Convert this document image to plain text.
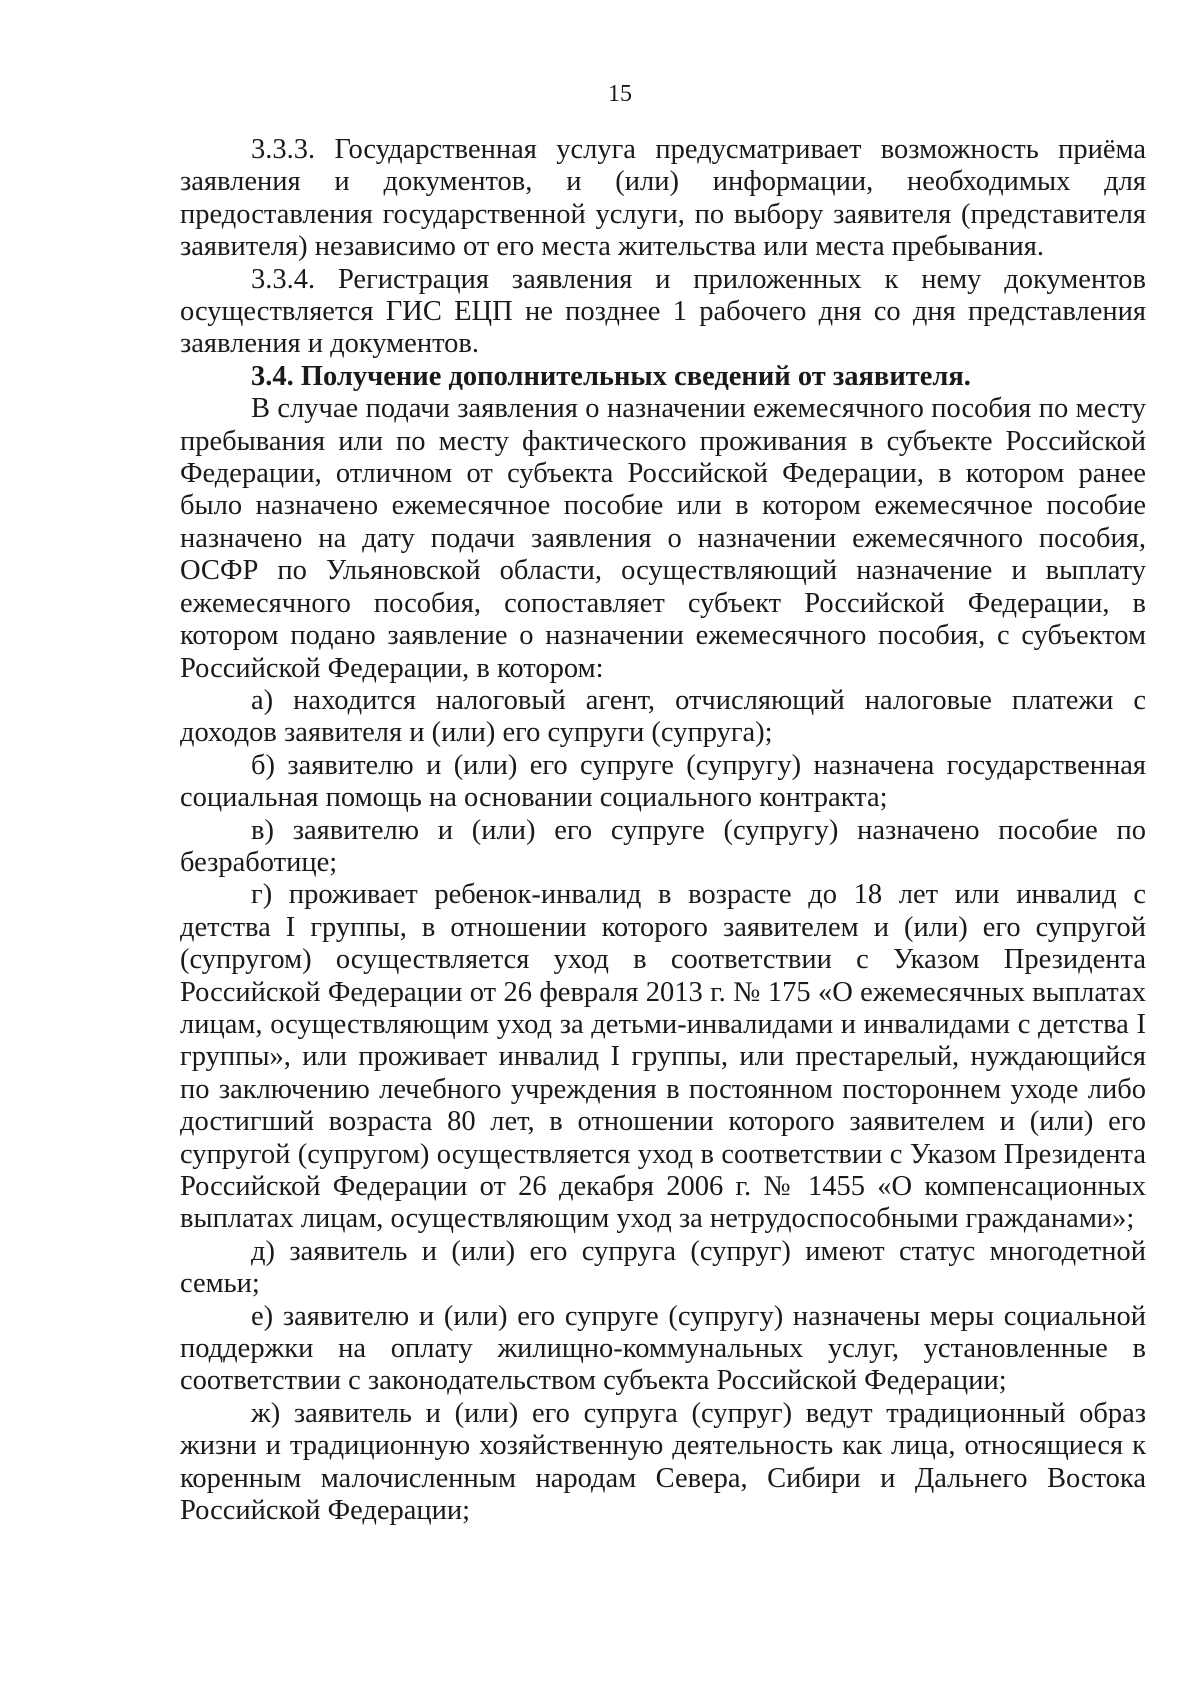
15

3.3.3. Государственная услуга предусматривает возможность приёма заявления и документов, и (или) информации, необходимых для предоставления государственной услуги, по выбору заявителя (представителя заявителя) независимо от его места жительства или места пребывания.

3.3.4. Регистрация заявления и приложенных к нему документов осуществляется ГИС ЕЦП не позднее 1 рабочего дня со дня представления заявления и документов.

3.4. Получение дополнительных сведений от заявителя.

В случае подачи заявления о назначении ежемесячного пособия по месту пребывания или по месту фактического проживания в субъекте Российской Федерации, отличном от субъекта Российской Федерации, в котором ранее было назначено ежемесячное пособие или в котором ежемесячное пособие назначено на дату подачи заявления о назначении ежемесячного пособия, ОСФР по Ульяновской области, осуществляющий назначение и выплату ежемесячного пособия, сопоставляет субъект Российской Федерации, в котором подано заявление о назначении ежемесячного пособия, с субъектом Российской Федерации, в котором:

а) находится налоговый агент, отчисляющий налоговые платежи с доходов заявителя и (или) его супруги (супруга);

б) заявителю и (или) его супруге (супругу) назначена государственная социальная помощь на основании социального контракта;

в) заявителю и (или) его супруге (супругу) назначено пособие по безработице;

г) проживает ребенок-инвалид в возрасте до 18 лет или инвалид с детства I группы, в отношении которого заявителем и (или) его супругой (супругом) осуществляется уход в соответствии с Указом Президента Российской Федерации от 26 февраля 2013 г. № 175 «О ежемесячных выплатах лицам, осуществляющим уход за детьми-инвалидами и инвалидами с детства I группы», или проживает инвалид I группы, или престарелый, нуждающийся по заключению лечебного учреждения в постоянном постороннем уходе либо достигший возраста 80 лет, в отношении которого заявителем и (или) его супругой (супругом) осуществляется уход в соответствии с Указом Президента Российской Федерации от 26 декабря 2006 г. № 1455 «О компенсационных выплатах лицам, осуществляющим уход за нетрудоспособными гражданами»;

д) заявитель и (или) его супруга (супруг) имеют статус многодетной семьи;

е) заявителю и (или) его супруге (супругу) назначены меры социальной поддержки на оплату жилищно-коммунальных услуг, установленные в соответствии с законодательством субъекта Российской Федерации;

ж) заявитель и (или) его супруга (супруг) ведут традиционный образ жизни и традиционную хозяйственную деятельность как лица, относящиеся к коренным малочисленным народам Севера, Сибири и Дальнего Востока Российской Федерации;
